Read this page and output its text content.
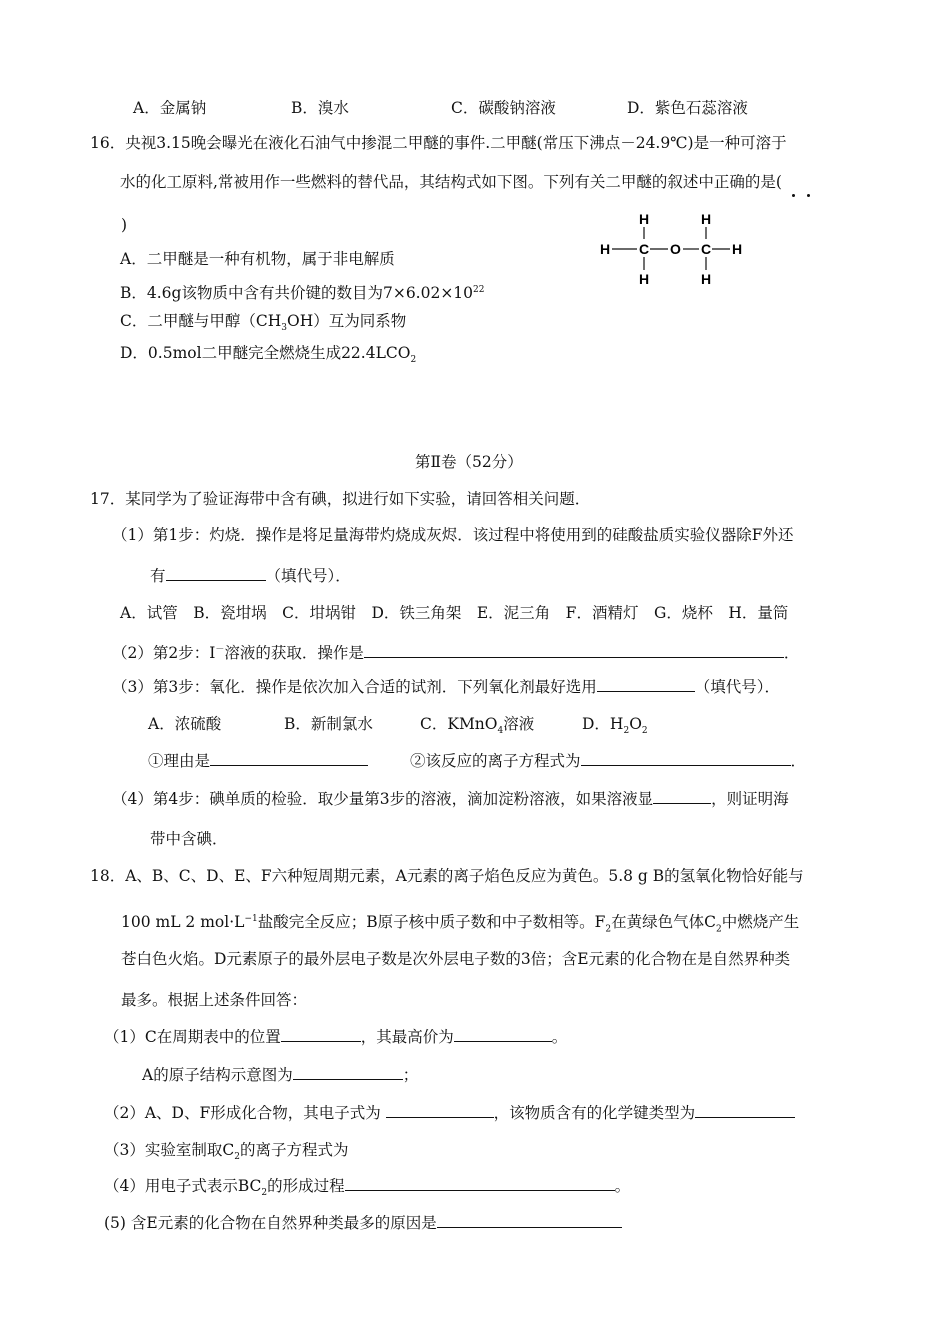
A．金属钠	B．溴水	C．碳酸钠溶液	D．紫色石蕊溶液
16．央视3.15晚会曝光在液化石油气中掺混二甲醚的事件.二甲醚(常压下沸点－24.9℃)是一种可溶于
水的化工原料,常被用作一些燃料的替代品，其结构式如下图。下列有关二甲醚的叙述中正确的是(
)
A．二甲醚是一种有机物，属于非电解质
B．4.6g该物质中含有共价键的数目为$7\times 6.02\times 10^{22}$
C．二甲醚与甲醇$(CH_3OH)$互为同系物
D．0.5mol二甲醚完全燃烧生成$22.4LCO_2$
H C O C H
H
H
H
H
第Ⅱ卷（52分）
17．某同学为了验证海带中含有碘，拟进行如下实验，请回答相关问题．
（1）第1步：灼烧．操作是将足量海带灼烧成灰烬．该过程中将使用到的硅酸盐质实验仪器除F外还
有	（填代号）．
A．试管　B．瓷坩埚　C．坩埚钳　D．铁三角架　E．泥三角　F．酒精灯　G．烧杯　H．量筒
（2）第2步：I－溶液的获取．操作是	．
（3）第3步：氧化．操作是依次加入合适的试剂．下列氧化剂最好选用	（填代号）．
A．浓硫酸	B．新制氯水	C．KMnO$_4$溶液	D．$H_2O_2$
①理由是	②该反应的离子方程式为	．
（4）第4步：碘单质的检验．取少量第3步的溶液，滴加淀粉溶液，如果溶液显	，则证明海
带中含碘．
18．A、B、C、D、E、F六种短周期元素，A元素的离子焰色反应为黄色。5.8 g B的氢氧化物恰好能与
100 mL 2 $mol\cdot L^{-1}$盐酸完全反应；B原子核中质子数和中子数相等。$F_2$在黄绿色气体$C_2$中燃烧产生
苍白色火焰。D元素原子的最外层电子数是次外层电子数的3倍；含E元素的化合物在是自然界种类
最多。根据上述条件回答：
（1）C在周期表中的位置	，其最高价为	。
A的原子结构示意图为	；
（2）A、D、F形成化合物，其电子式为	，该物质含有的化学键类型为
（3）实验室制取$C_2$的离子方程式为
（4）用电子式表示$BC_2$的形成过程	。
(5) 含E元素的化合物在自然界种类最多的原因是
